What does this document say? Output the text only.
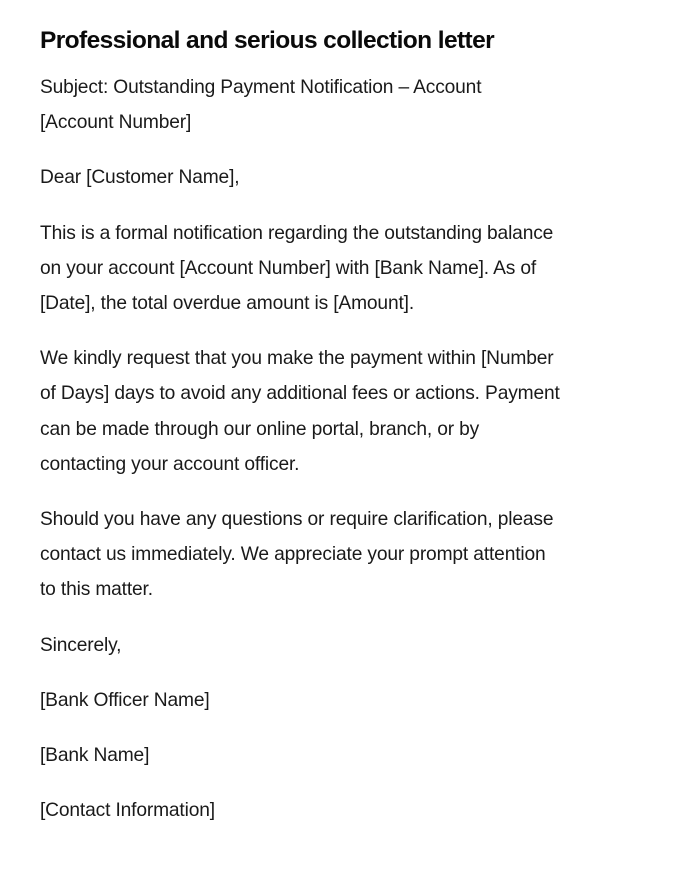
Professional and serious collection letter

Subject: Outstanding Payment Notification – Account
[Account Number]

Dear [Customer Name],

This is a formal notification regarding the outstanding balance
on your account [Account Number] with [Bank Name]. As of
[Date], the total overdue amount is [Amount].

We kindly request that you make the payment within [Number
of Days] days to avoid any additional fees or actions. Payment
can be made through our online portal, branch, or by
contacting your account officer.

Should you have any questions or require clarification, please
contact us immediately. We appreciate your prompt attention
to this matter.

Sincerely,

[Bank Officer Name]

[Bank Name]

[Contact Information]
